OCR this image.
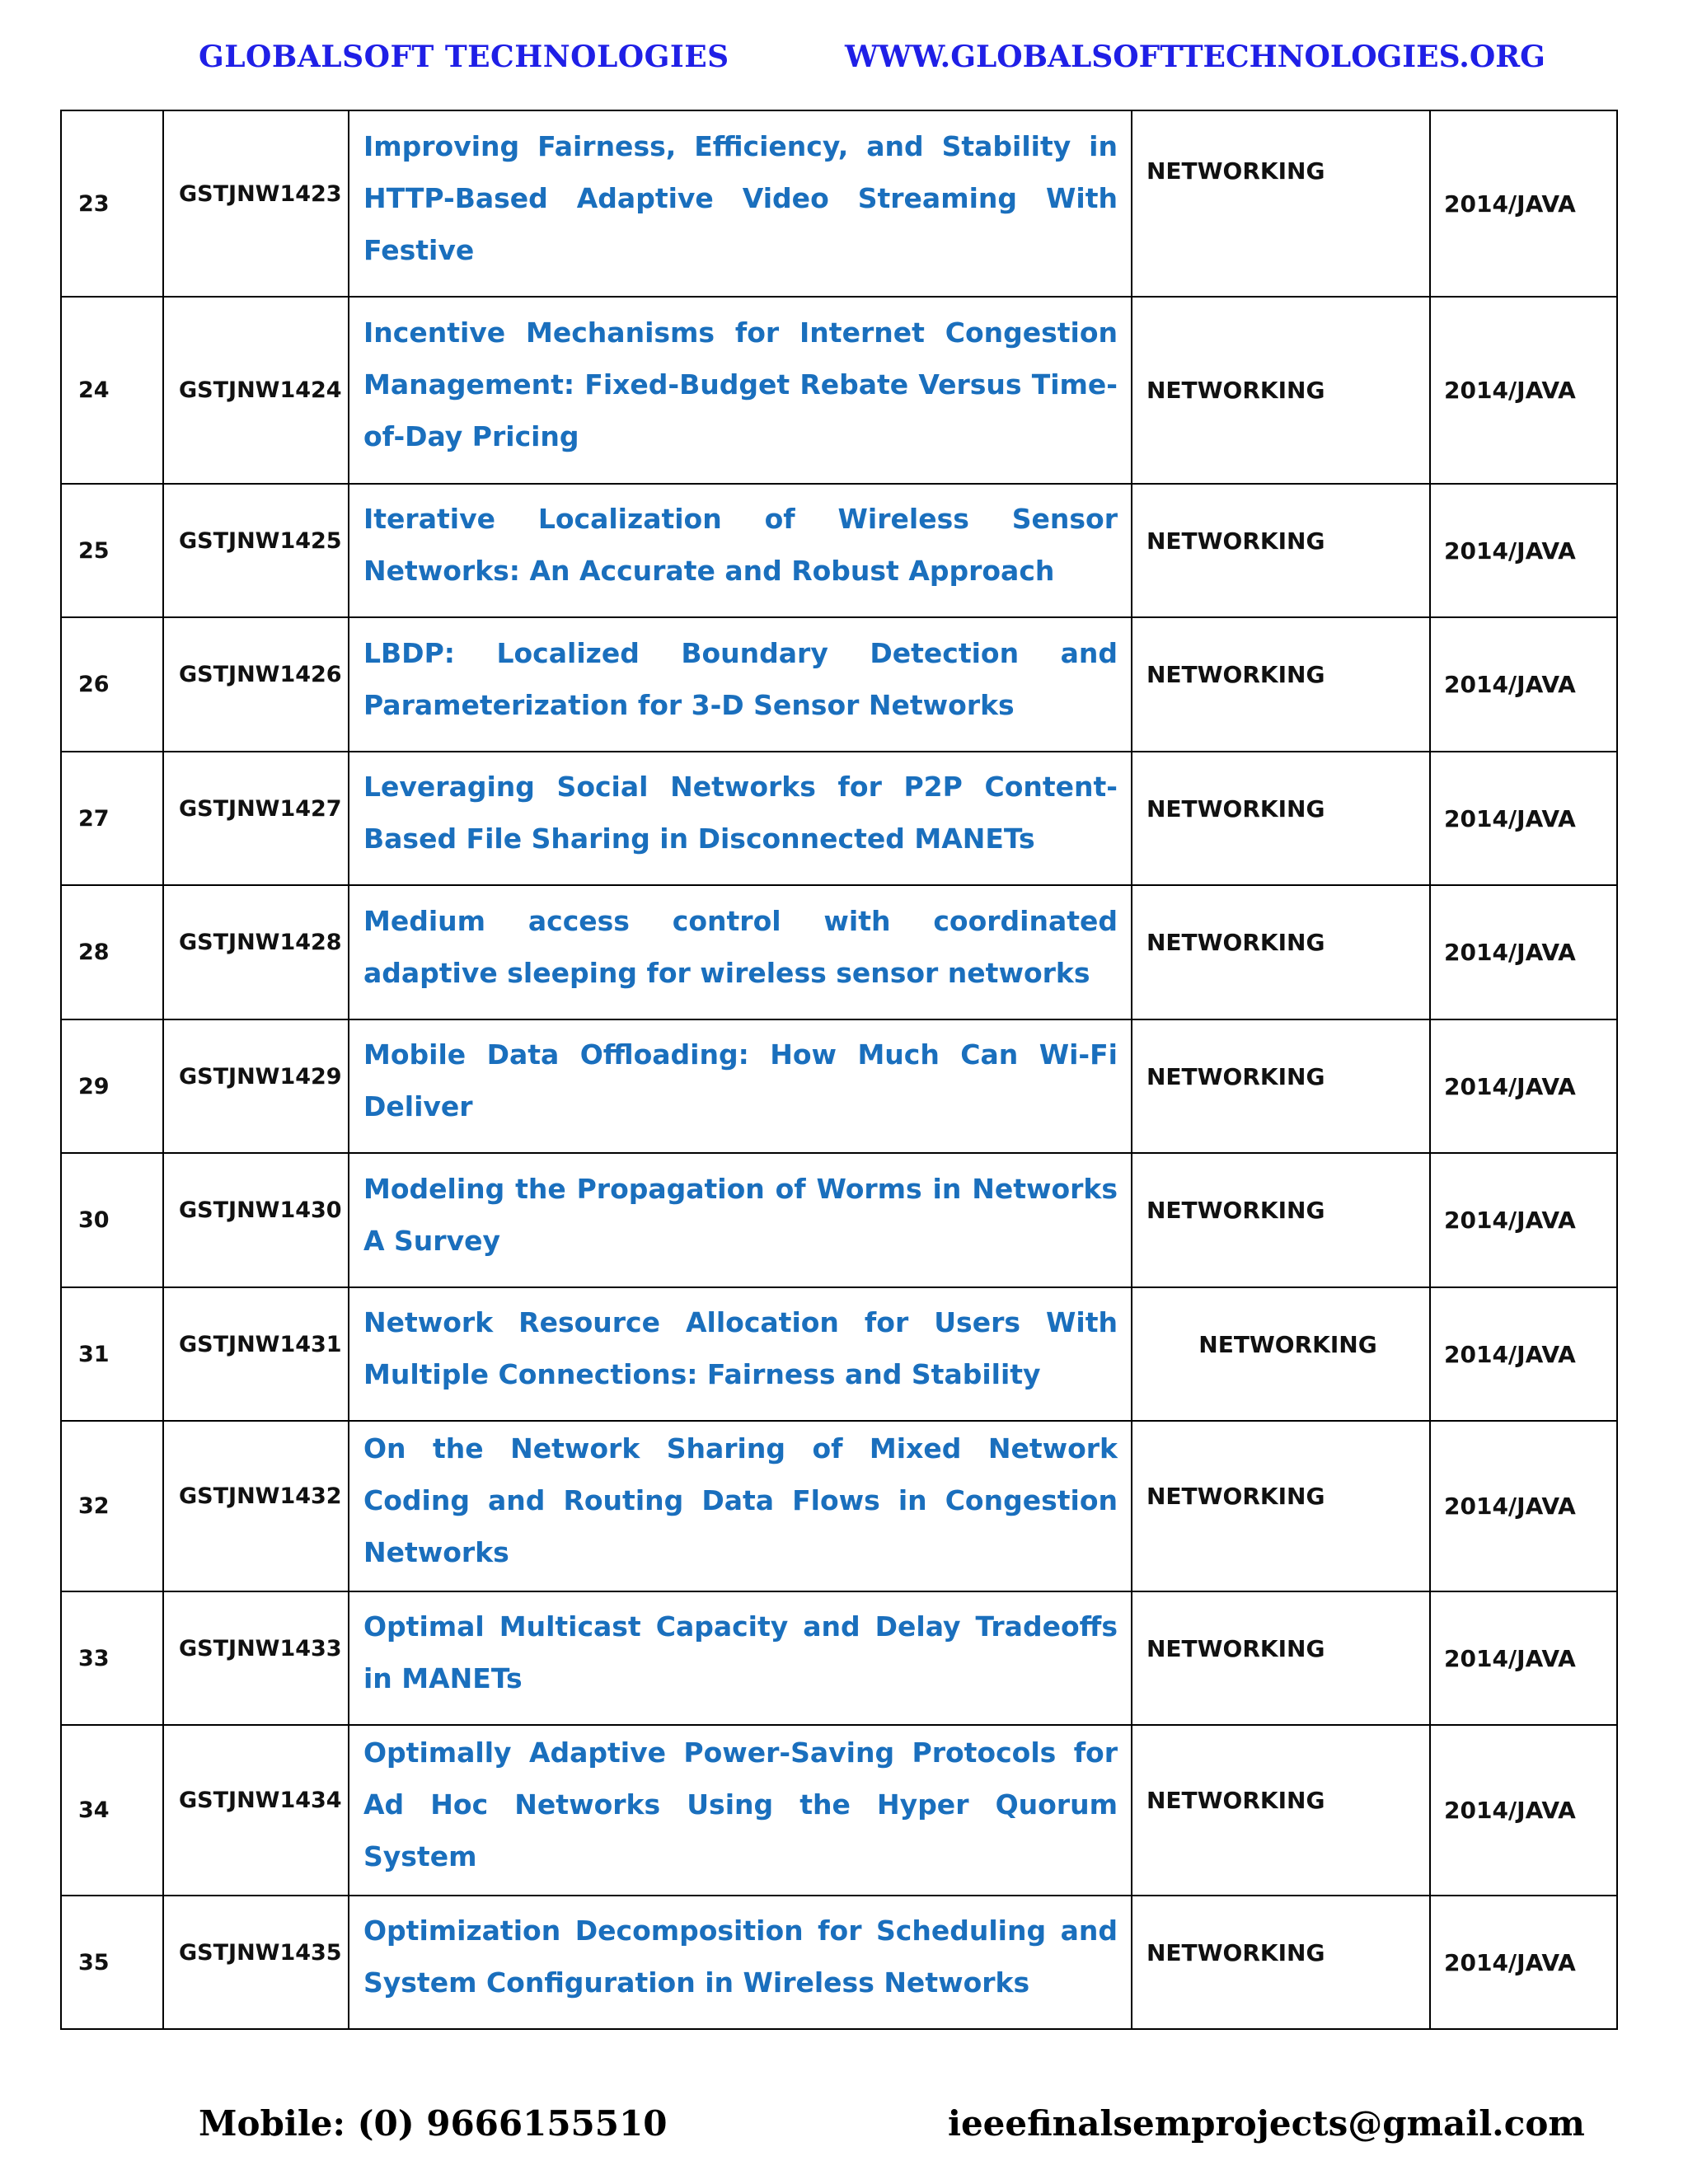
GLOBALSOFT TECHNOLOGIES	WWW.GLOBALSOFTTECHNOLOGIES.ORG
23	GSTJNW1423	Improving Fairness, Efficiency, and Stability in HTTP-Based Adaptive Video Streaming With Festive	NETWORKING	2014/JAVA
24	GSTJNW1424	Incentive Mechanisms for Internet Congestion Management: Fixed-Budget Rebate Versus Time-of-Day Pricing	NETWORKING	2014/JAVA
25	GSTJNW1425	Iterative Localization of Wireless Sensor Networks: An Accurate and Robust Approach	NETWORKING	2014/JAVA
26	GSTJNW1426	LBDP: Localized Boundary Detection and Parameterization for 3-D Sensor Networks	NETWORKING	2014/JAVA
27	GSTJNW1427	Leveraging Social Networks for P2P Content-Based File Sharing in Disconnected MANETs	NETWORKING	2014/JAVA
28	GSTJNW1428	Medium access control with coordinated adaptive sleeping for wireless sensor networks	NETWORKING	2014/JAVA
29	GSTJNW1429	Mobile Data Offloading: How Much Can Wi-Fi Deliver	NETWORKING	2014/JAVA
30	GSTJNW1430	Modeling the Propagation of Worms in Networks A Survey	NETWORKING	2014/JAVA
31	GSTJNW1431	Network Resource Allocation for Users With Multiple Connections: Fairness and Stability	NETWORKING	2014/JAVA
32	GSTJNW1432	On the Network Sharing of Mixed Network Coding and Routing Data Flows in Congestion Networks	NETWORKING	2014/JAVA
33	GSTJNW1433	Optimal Multicast Capacity and Delay Tradeoffs in MANETs	NETWORKING	2014/JAVA
34	GSTJNW1434	Optimally Adaptive Power-Saving Protocols for Ad Hoc Networks Using the Hyper Quorum System	NETWORKING	2014/JAVA
35	GSTJNW1435	Optimization Decomposition for Scheduling and System Configuration in Wireless Networks	NETWORKING	2014/JAVA
Mobile: (0) 9666155510	ieeefinalsemprojects@gmail.com
